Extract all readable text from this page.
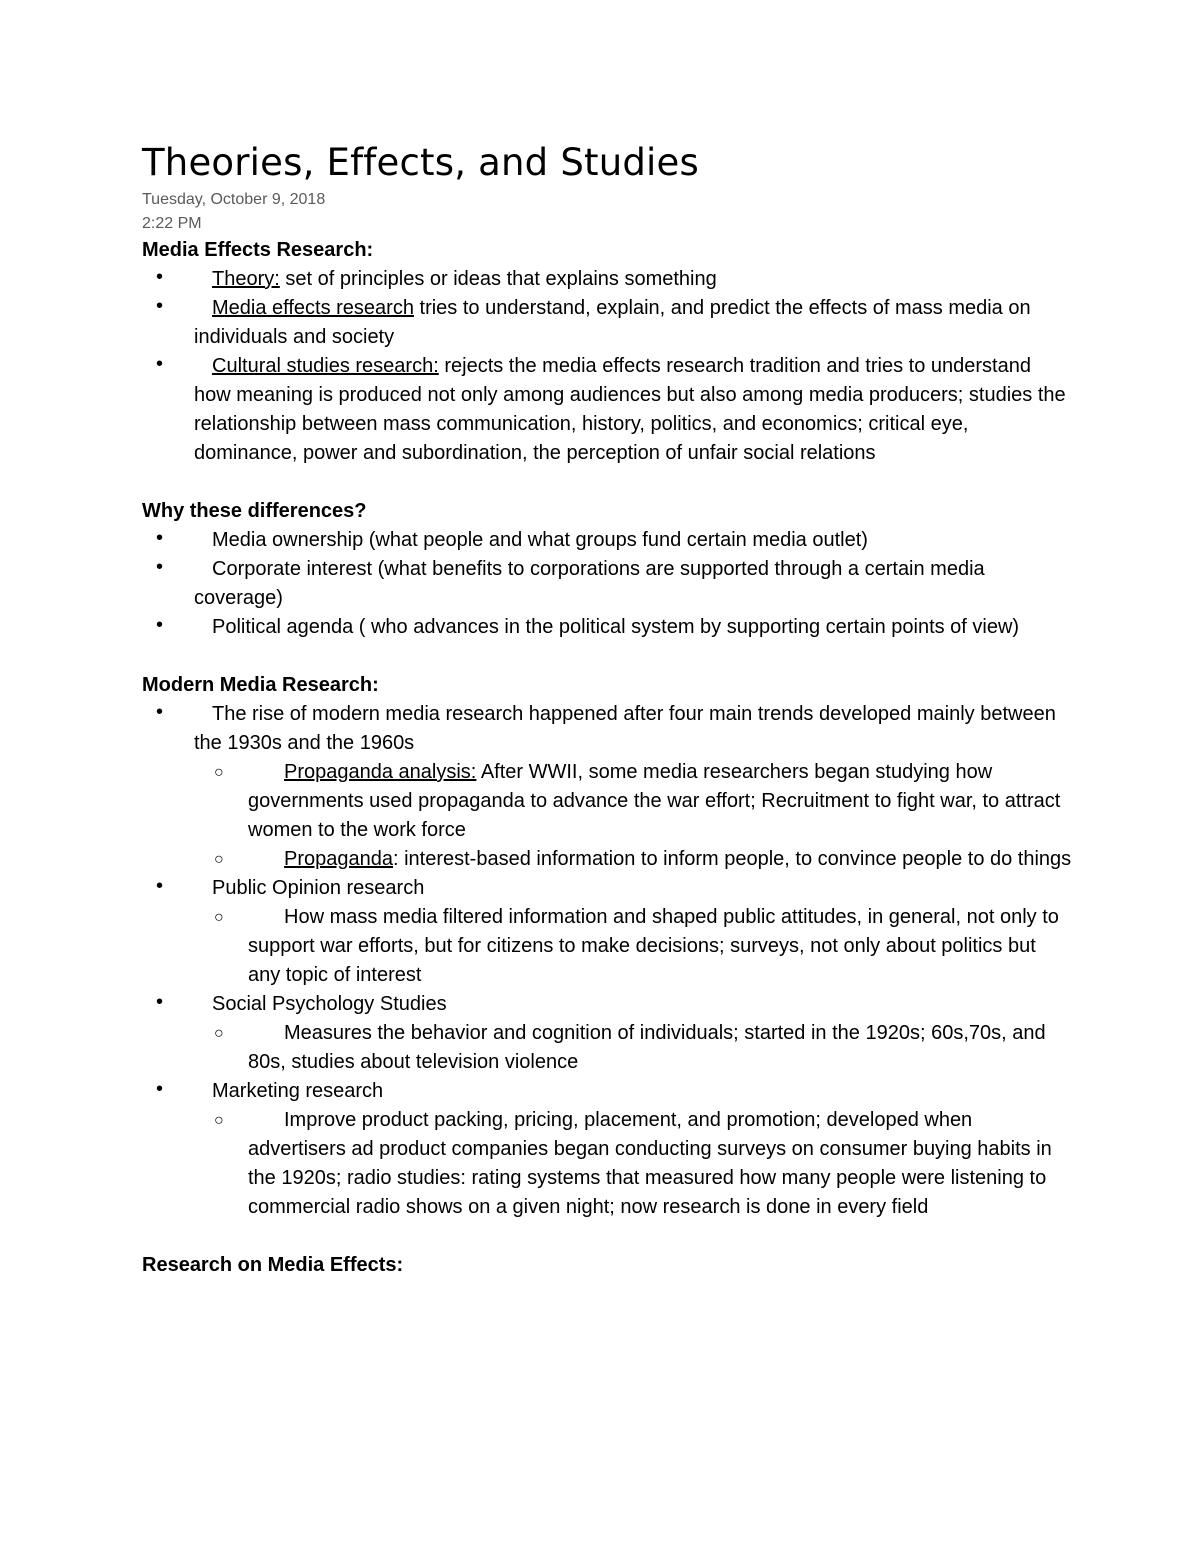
Theories, Effects, and Studies
Tuesday, October 9, 2018
2:22 PM
Media Effects Research:
•	Theory: set of principles or ideas that explains something
•	Media effects research tries to understand, explain, and predict the effects of mass media on individuals and society
•	Cultural studies research: rejects the media effects research tradition and tries to understand how meaning is produced not only among audiences but also among media producers; studies the relationship between mass communication, history, politics, and economics; critical eye, dominance, power and subordination, the perception of unfair social relations
Why these differences?
•	Media ownership (what people and what groups fund certain media outlet)
•	Corporate interest (what benefits to corporations are supported through a certain media coverage)
•	Political agenda ( who advances in the political system by supporting certain points of view)
Modern Media Research:
•	The rise of modern media research happened after four main trends developed mainly between the 1930s and the 1960s
○	Propaganda analysis: After WWII, some media researchers began studying how governments used propaganda to advance the war effort; Recruitment to fight war, to attract women to the work force
○	Propaganda: interest-based information to inform people, to convince people to do things
•	Public Opinion research
○	How mass media filtered information and shaped public attitudes, in general, not only to support war efforts, but for citizens to make decisions; surveys, not only about politics but any topic of interest
•	Social Psychology Studies
○	Measures the behavior and cognition of individuals; started in the 1920s; 60s,70s, and 80s, studies about television violence
•	Marketing research
○	Improve product packing, pricing, placement, and promotion; developed when advertisers ad product companies began conducting surveys on consumer buying habits in the 1920s; radio studies: rating systems that measured how many people were listening to commercial radio shows on a given night; now research is done in every field
Research on Media Effects:
